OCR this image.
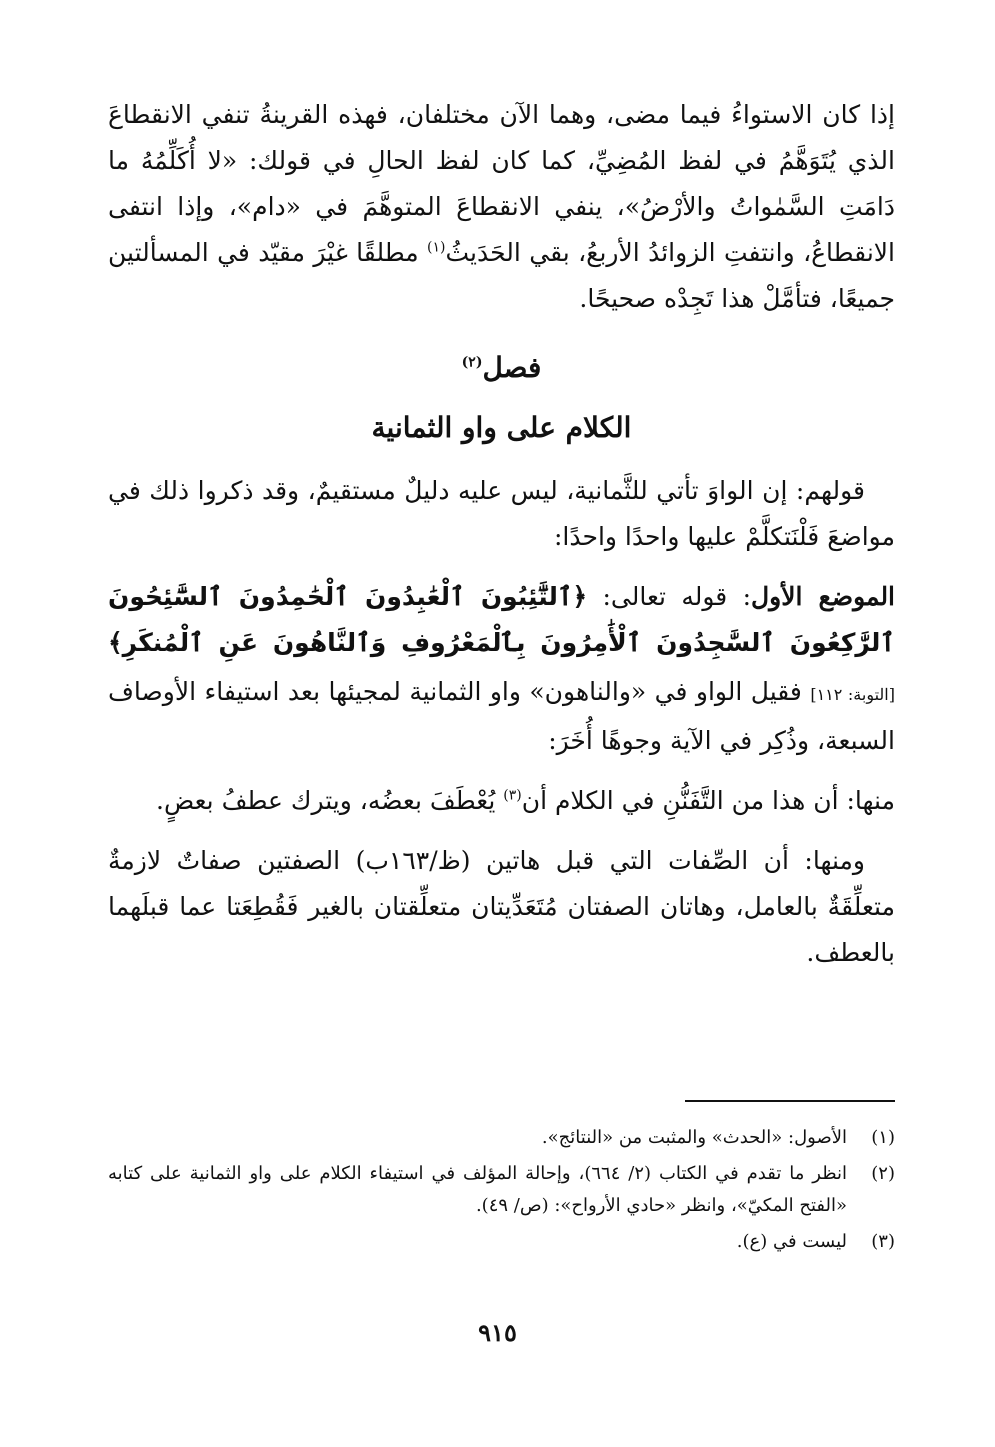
إذا كان الاستواءُ فيما مضى، وهما الآن مختلفان، فهذه القرينةُ تنفي الانقطاعَ الذي يُتَوَهَّمُ في لفظ المُضِيِّ، كما كان لفظ الحالِ في قولك: «لا أُكَلِّمُهُ ما دَامَتِ السَّمٰواتُ والأرْضُ»، ينفي الانقطاعَ المتوهَّمَ في «دام»، وإذا انتفى الانقطاعُ، وانتفتِ الزوائدُ الأربعُ، بقي الحَدَيثُ$^{(١)}$ مطلقًا غيْرَ مقيّد في المسألتين جميعًا، فتأمَّلْ هذا تَجِدْه صحيحًا.

فصل$^{(٢)}$

الكلام على واو الثمانية

قولهم: إن الواوَ تأتي للثَّمانية، ليس عليه دليلٌ مستقيمٌ، وقد ذكروا ذلك في مواضعَ فَلْنَتكلَّمْ عليها واحدًا واحدًا:

الموضع الأول: قوله تعالى: ﴿ٱلتَّٰٓئِبُونَ ٱلْعَٰبِدُونَ ٱلْحَٰمِدُونَ ٱلسَّٰٓئِحُونَ ٱلرَّٰكِعُونَ ٱلسَّٰجِدُونَ ٱلْأَٰمِرُونَ بِٱلْمَعْرُوفِ وَٱلنَّاهُونَ عَنِ ٱلْمُنكَرِ﴾ [التوبة: ١١٢] فقيل الواو في «والناهون» واو الثمانية لمجيئها بعد استيفاء الأوصاف السبعة، وذُكِر في الآية وجوهًا أُخَرَ:

منها: أن هذا من التَّفَنُّنِ في الكلام أن$^{(٣)}$ يُعْطَفَ بعضُه، ويترك عطفُ بعضٍ.

ومنها: أن الصِّفات التي قبل هاتين (ظ/١٦٣ب) الصفتين صفاتٌ لازمةٌ متعلِّقَةٌ بالعامل، وهاتان الصفتان مُتَعَدِّيتان متعلِّقتان بالغير فَقُطِعَتا عما قبلَهما بالعطف.

(١)
الأصول: «الحدث» والمثبت من «النتائج».
(٢)
انظر ما تقدم في الكتاب (٢/ ٦٦٤)، وإحالة المؤلف في استيفاء الكلام على واو الثمانية على كتابه «الفتح المكيّ»، وانظر «حادي الأرواح»: (ص/ ٤٩).
(٣)
ليست في (ع).
٩١٥
